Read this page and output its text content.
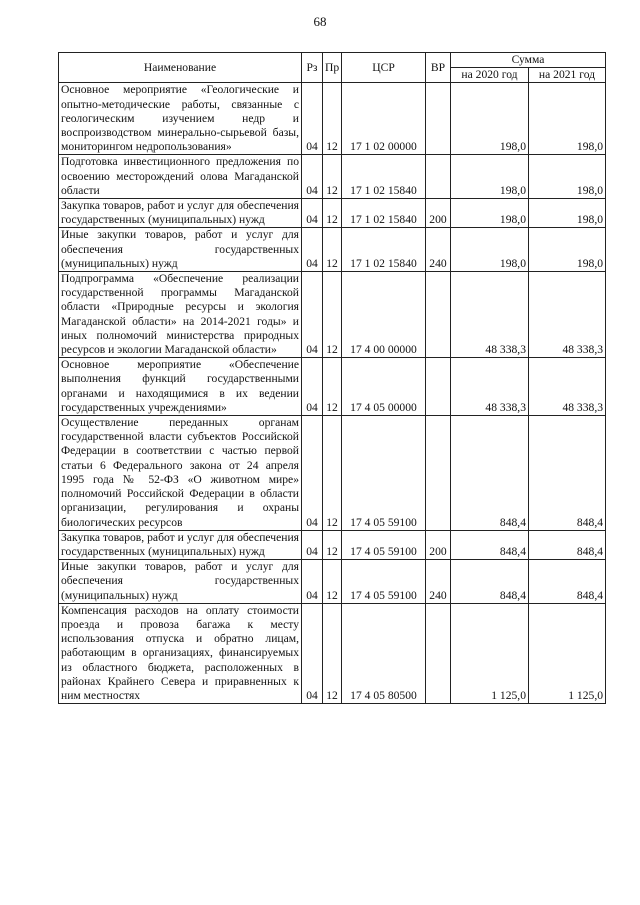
68
Наименование	Рз	Пр	ЦСР	ВР	Сумма	
					на 2020 год	на 2021 год
Основное мероприятие «Геологические и опытно-методические работы, связанные с геологическим изучением недр и воспроизводством минерально-сырьевой базы, мониторингом недропользования»	04	12	17 1 02 00000		198,0	198,0
Подготовка инвестиционного предложения по освоению месторождений олова Магаданской области	04	12	17 1 02 15840		198,0	198,0
Закупка товаров, работ и услуг для обеспечения государственных (муниципальных) нужд	04	12	17 1 02 15840	200	198,0	198,0
Иные закупки товаров, работ и услуг для обеспечения государственных (муниципальных) нужд	04	12	17 1 02 15840	240	198,0	198,0
Подпрограмма «Обеспечение реализации государственной программы Магаданской области «Природные ресурсы и экология Магаданской области» на 2014-2021 годы» и иных полномочий министерства природных ресурсов и экологии Магаданской области»	04	12	17 4 00 00000		48 338,3	48 338,3
Основное мероприятие «Обеспечение выполнения функций государственными органами и находящимися в их ведении государственных учреждениями»	04	12	17 4 05 00000		48 338,3	48 338,3
Осуществление переданных органам государственной власти субъектов Российской Федерации в соответствии с частью первой статьи 6 Федерального закона от 24 апреля 1995 года № 52-ФЗ «О животном мире» полномочий Российской Федерации в области организации, регулирования и охраны биологических ресурсов	04	12	17 4 05 59100		848,4	848,4
Закупка товаров, работ и услуг для обеспечения государственных (муниципальных) нужд	04	12	17 4 05 59100	200	848,4	848,4
Иные закупки товаров, работ и услуг для обеспечения государственных (муниципальных) нужд	04	12	17 4 05 59100	240	848,4	848,4
Компенсация расходов на оплату стоимости проезда и провоза багажа к месту использования отпуска и обратно лицам, работающим в организациях, финансируемых из областного бюджета, расположенных в районах Крайнего Севера и приравненных к ним местностях	04	12	17 4 05 80500		1 125,0	1 125,0
